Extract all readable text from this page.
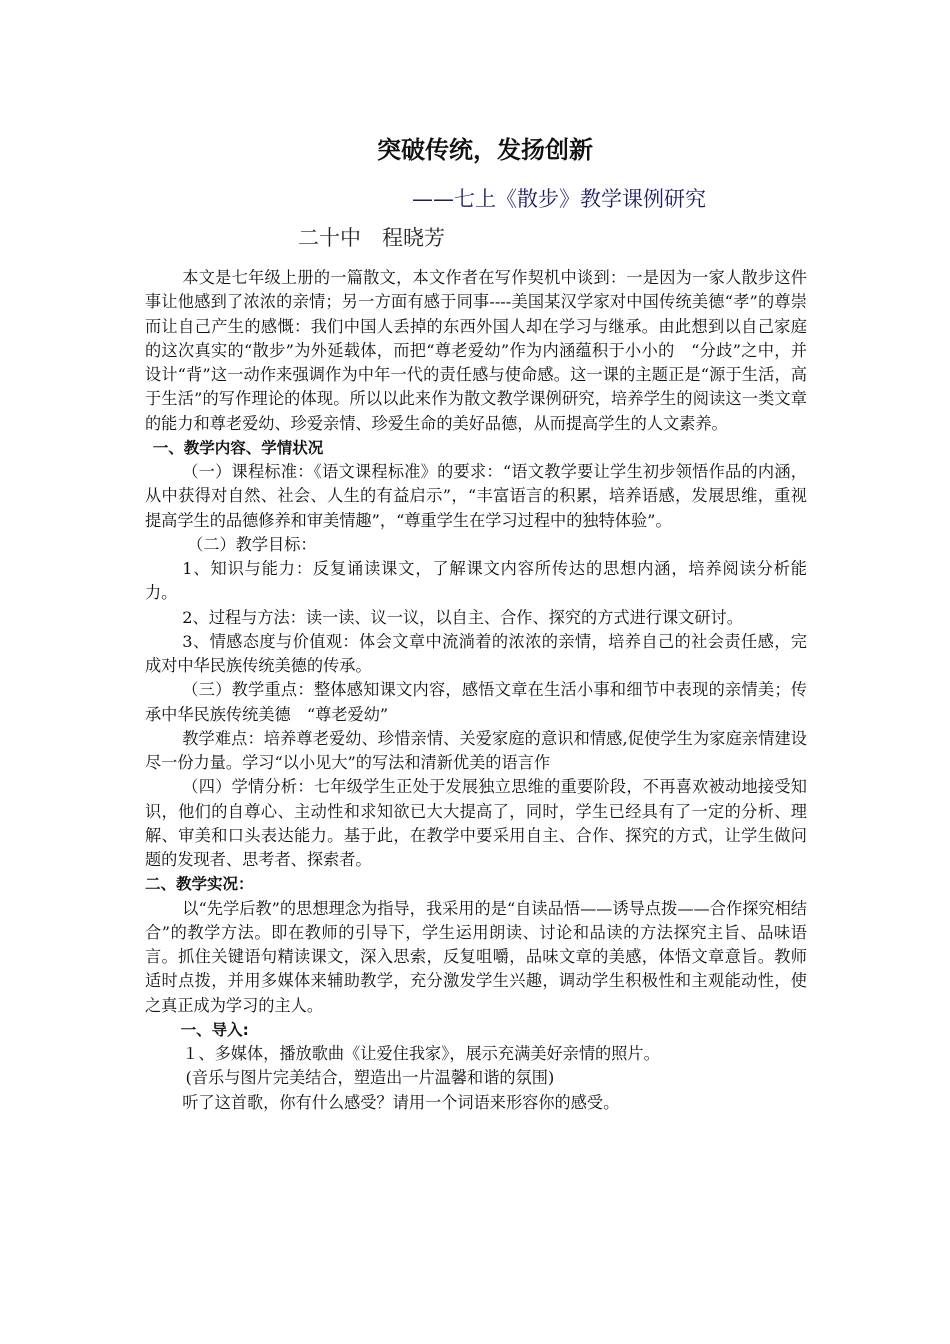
突破传统，发扬创新
——七上《散步》教学课例研究
二十中　程晓芳

本文是七年级上册的一篇散文，本文作者在写作契机中谈到：一是因为一家人散步这件事让他感到了浓浓的亲情；另一方面有感于同事----美国某汉学家对中国传统美德“孝”的尊崇而让自己产生的感慨：我们中国人丢掉的东西外国人却在学习与继承。由此想到以自己家庭的这次真实的“散步”为外延载体，而把“尊老爱幼”作为内涵蕴积于小小的　“分歧”之中，并设计“背”这一动作来强调作为中年一代的责任感与使命感。这一课的主题正是“源于生活，高于生活”的写作理论的体现。所以以此来作为散文教学课例研究，培养学生的阅读这一类文章的能力和尊老爱幼、珍爱亲情、珍爱生命的美好品德，从而提高学生的人文素养。

一、教学内容、学情状况

（一）课程标准：《语文课程标准》的要求：“语文教学要让学生初步领悟作品的内涵，从中获得对自然、社会、人生的有益启示”，“丰富语言的积累，培养语感，发展思维，重视提高学生的品德修养和审美情趣”，“尊重学生在学习过程中的独特体验”。

（二）教学目标：

1、知识与能力：反复诵读课文，了解课文内容所传达的思想内涵，培养阅读分析能力。

2、过程与方法：读一读、议一议，以自主、合作、探究的方式进行课文研讨。

3、情感态度与价值观：体会文章中流淌着的浓浓的亲情，培养自己的社会责任感，完成对中华民族传统美德的传承。

（三）教学重点：整体感知课文内容，感悟文章在生活小事和细节中表现的亲情美；传承中华民族传统美德　“尊老爱幼”

教学难点：培养尊老爱幼、珍惜亲情、关爱家庭的意识和情感,促使学生为家庭亲情建设尽一份力量。学习“以小见大”的写法和清新优美的语言作

（四）学情分析：七年级学生正处于发展独立思维的重要阶段，不再喜欢被动地接受知识，他们的自尊心、主动性和求知欲已大大提高了，同时，学生已经具有了一定的分析、理解、审美和口头表达能力。基于此，在教学中要采用自主、合作、探究的方式，让学生做问题的发现者、思考者、探索者。

二、教学实况：

以“先学后教”的思想理念为指导，我采用的是“自读品悟——诱导点拨——合作探究相结合”的教学方法。即在教师的引导下，学生运用朗读、讨论和品读的方法探究主旨、品味语言。抓住关键语句精读课文，深入思索，反复咀嚼，品味文章的美感，体悟文章意旨。教师适时点拨，并用多媒体来辅助教学，充分激发学生兴趣，调动学生积极性和主观能动性，使之真正成为学习的主人。

一、导入:

１、多媒体，播放歌曲《让爱住我家》，展示充满美好亲情的照片。

(音乐与图片完美结合，塑造出一片温馨和谐的氛围)

听了这首歌，你有什么感受？请用一个词语来形容你的感受。
